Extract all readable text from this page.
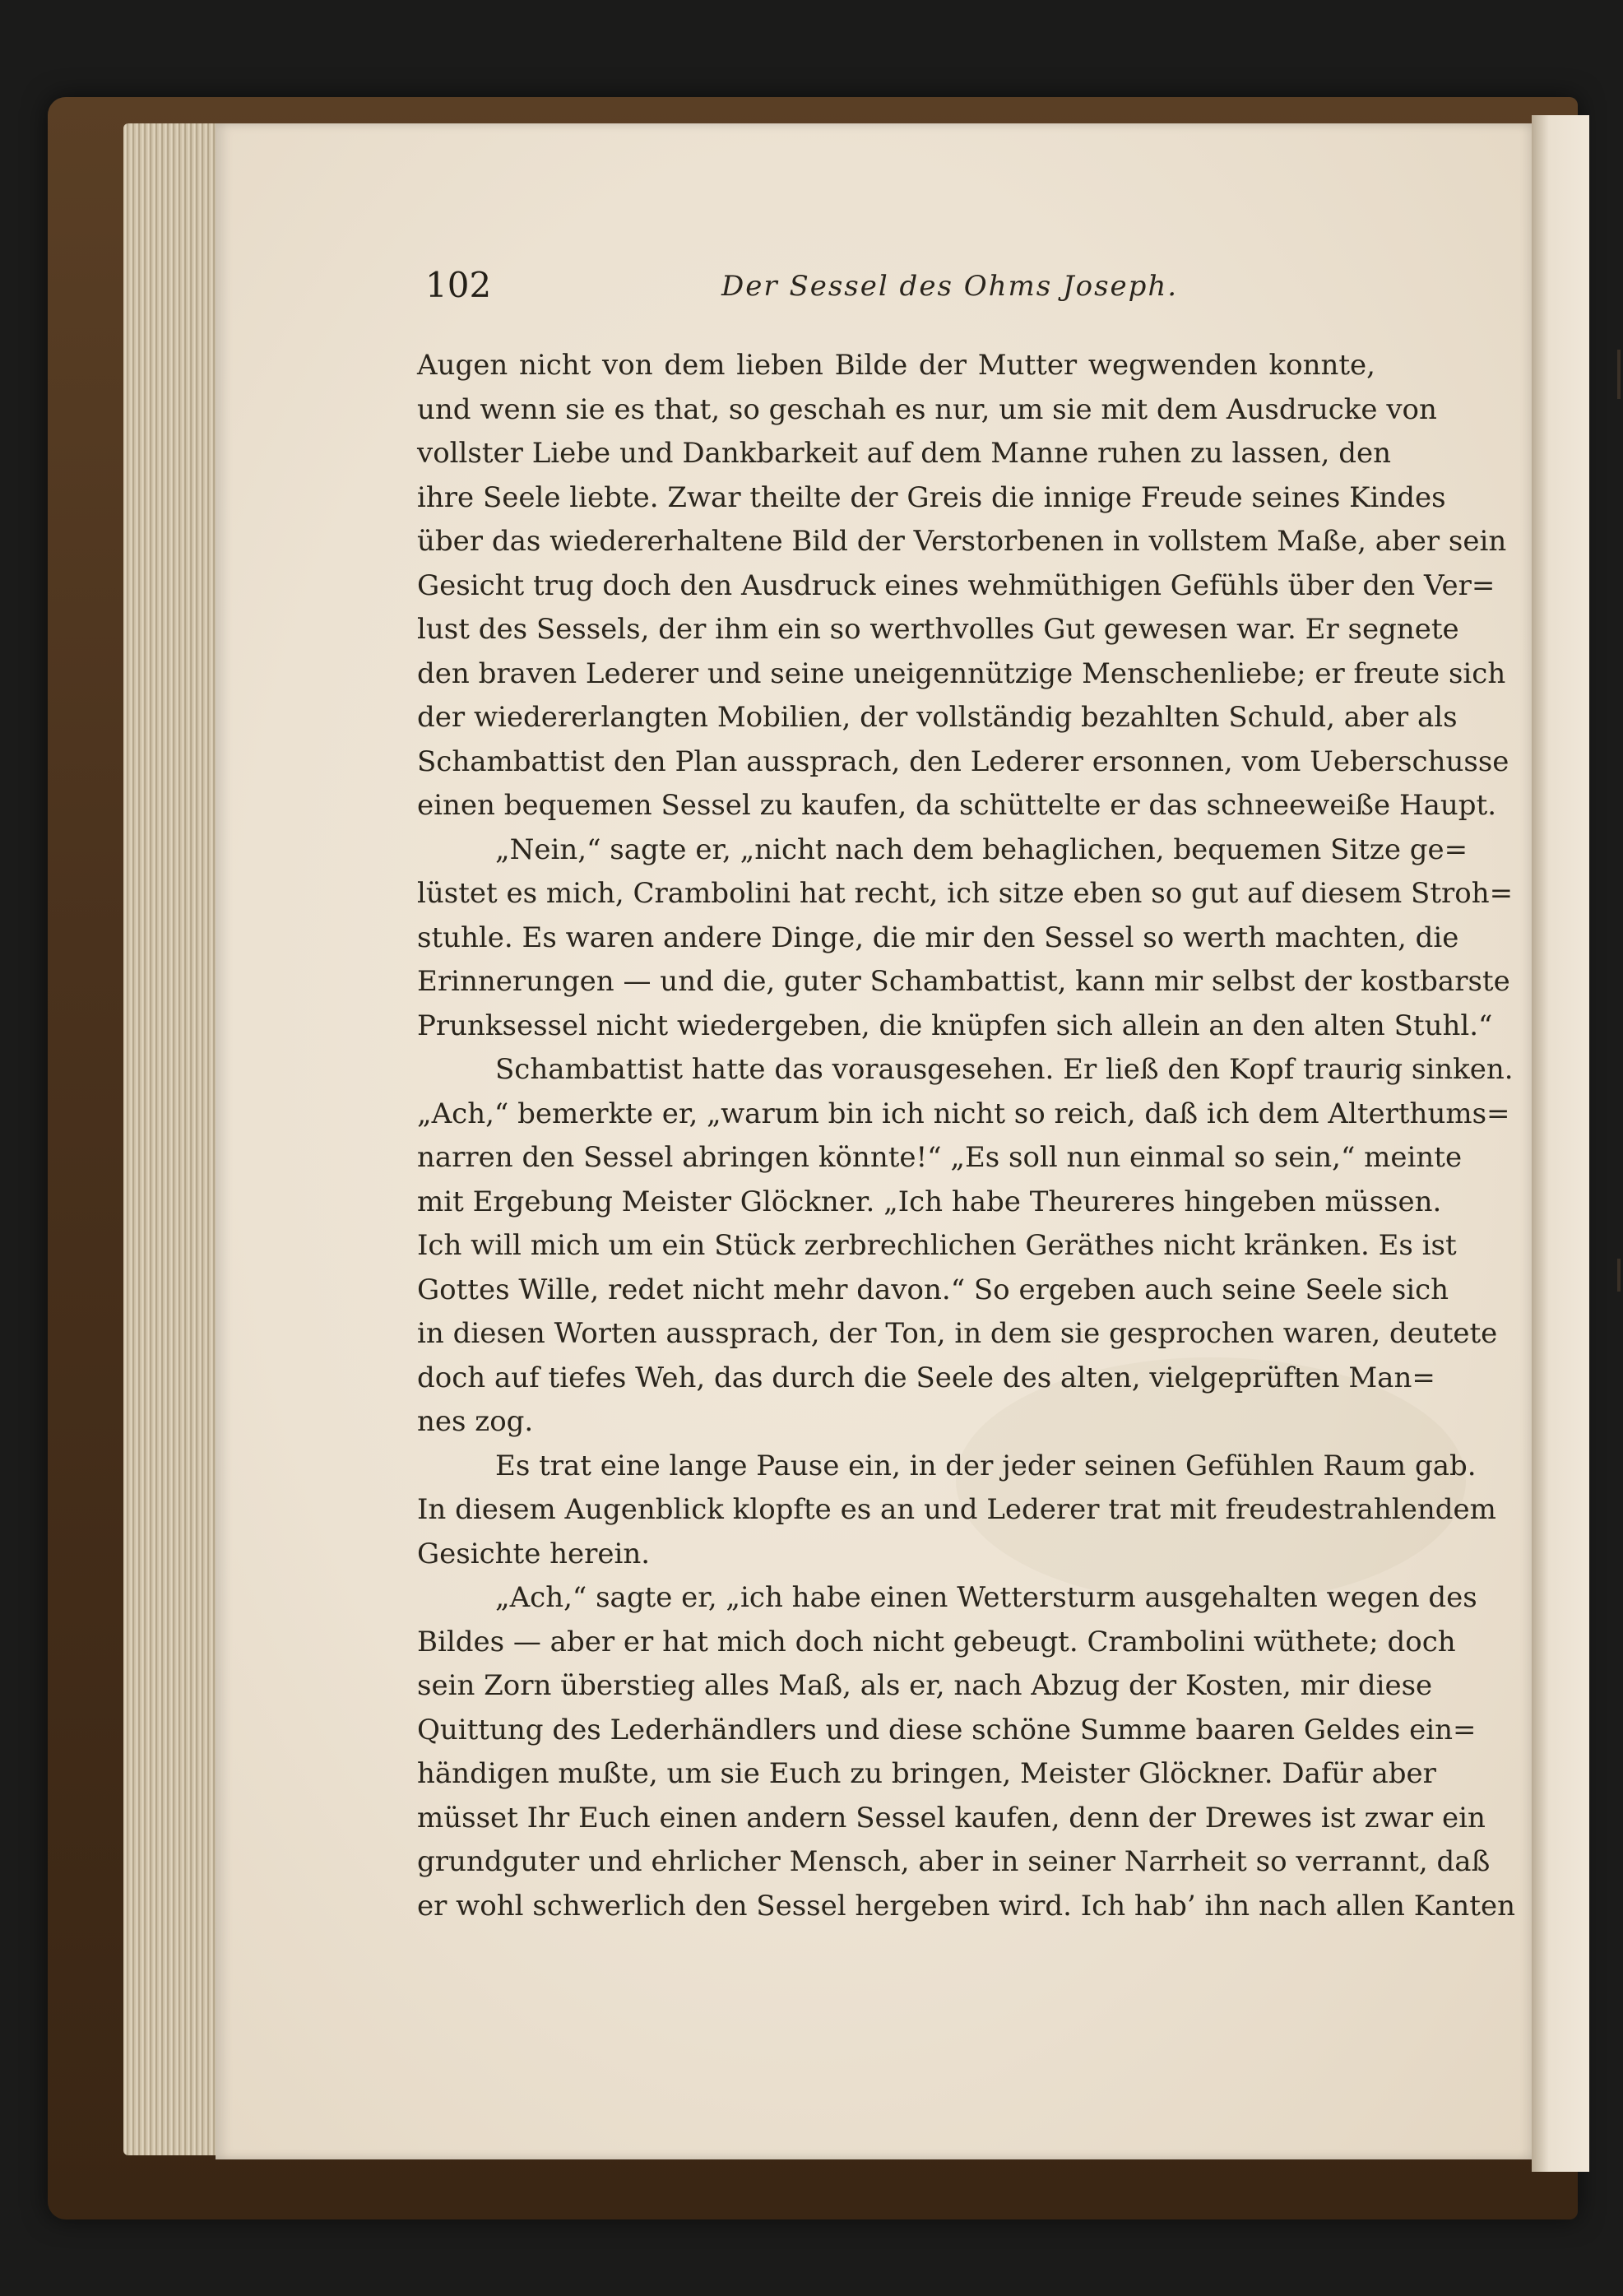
102	Der Sessel des Ohms Joseph.
Augen nicht von dem lieben Bilde der Mutter wegwenden konnte,
und wenn sie es that, so geschah es nur, um sie mit dem Ausdrucke von
vollster Liebe und Dankbarkeit auf dem Manne ruhen zu lassen, den
ihre Seele liebte. Zwar theilte der Greis die innige Freude seines Kindes
über das wiedererhaltene Bild der Verstorbenen in vollstem Maße, aber sein
Gesicht trug doch den Ausdruck eines wehmüthigen Gefühls über den Ver=
lust des Sessels, der ihm ein so werthvolles Gut gewesen war. Er segnete
den braven Lederer und seine uneigennützige Menschenliebe; er freute sich
der wiedererlangten Mobilien, der vollständig bezahlten Schuld, aber als
Schambattist den Plan aussprach, den Lederer ersonnen, vom Ueberschusse
einen bequemen Sessel zu kaufen, da schüttelte er das schneeweiße Haupt.
„Nein,“ sagte er, „nicht nach dem behaglichen, bequemen Sitze ge=
lüstet es mich, Crambolini hat recht, ich sitze eben so gut auf diesem Stroh=
stuhle. Es waren andere Dinge, die mir den Sessel so werth machten, die
Erinnerungen — und die, guter Schambattist, kann mir selbst der kostbarste
Prunksessel nicht wiedergeben, die knüpfen sich allein an den alten Stuhl.“
Schambattist hatte das vorausgesehen. Er ließ den Kopf traurig sinken.
„Ach,“ bemerkte er, „warum bin ich nicht so reich, daß ich dem Alterthums=
narren den Sessel abringen könnte!“ „Es soll nun einmal so sein,“ meinte
mit Ergebung Meister Glöckner. „Ich habe Theureres hingeben müssen.
Ich will mich um ein Stück zerbrechlichen Geräthes nicht kränken. Es ist
Gottes Wille, redet nicht mehr davon.“ So ergeben auch seine Seele sich
in diesen Worten aussprach, der Ton, in dem sie gesprochen waren, deutete
doch auf tiefes Weh, das durch die Seele des alten, vielgeprüften Man=
nes zog.
Es trat eine lange Pause ein, in der jeder seinen Gefühlen Raum gab.
In diesem Augenblick klopfte es an und Lederer trat mit freudestrahlendem
Gesichte herein.
„Ach,“ sagte er, „ich habe einen Wettersturm ausgehalten wegen des
Bildes — aber er hat mich doch nicht gebeugt. Crambolini wüthete; doch
sein Zorn überstieg alles Maß, als er, nach Abzug der Kosten, mir diese
Quittung des Lederhändlers und diese schöne Summe baaren Geldes ein=
händigen mußte, um sie Euch zu bringen, Meister Glöckner. Dafür aber
müsset Ihr Euch einen andern Sessel kaufen, denn der Drewes ist zwar ein
grundguter und ehrlicher Mensch, aber in seiner Narrheit so verrannt, daß
er wohl schwerlich den Sessel hergeben wird. Ich hab’ ihn nach allen Kanten
